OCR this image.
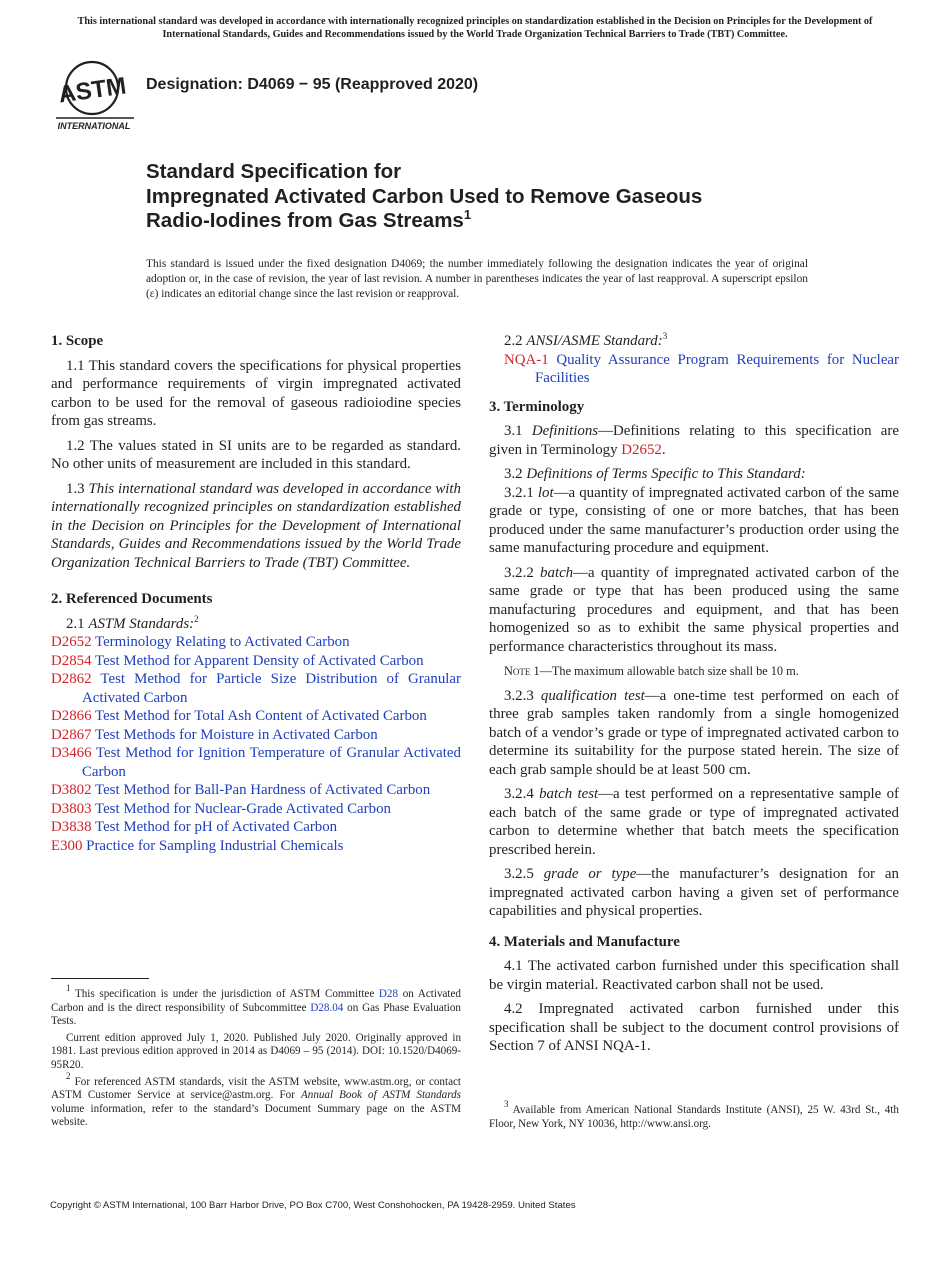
This international standard was developed in accordance with internationally recognized principles on standardization established in the Decision on Principles for the Development of International Standards, Guides and Recommendations issued by the World Trade Organization Technical Barriers to Trade (TBT) Committee.

ASTM
INTERNATIONAL

Designation: D4069 − 95 (Reapproved 2020)

Standard Specification for
Impregnated Activated Carbon Used to Remove Gaseous
Radio-Iodines from Gas Streams$^1$

This standard is issued under the fixed designation D4069; the number immediately following the designation indicates the year of original adoption or, in the case of revision, the year of last revision. A number in parentheses indicates the year of last reapproval. A superscript epsilon (ε) indicates an editorial change since the last revision or reapproval.

1. Scope

1.1 This standard covers the specifications for physical properties and performance requirements of virgin impregnated activated carbon to be used for the removal of gaseous radioiodine species from gas streams.

1.2 The values stated in SI units are to be regarded as standard. No other units of measurement are included in this standard.

1.3 This international standard was developed in accordance with internationally recognized principles on standardization established in the Decision on Principles for the Development of International Standards, Guides and Recommendations issued by the World Trade Organization Technical Barriers to Trade (TBT) Committee.

2. Referenced Documents

2.1 ASTM Standards:$^2$

D2652 Terminology Relating to Activated Carbon
D2854 Test Method for Apparent Density of Activated Carbon
D2862 Test Method for Particle Size Distribution of Granular Activated Carbon
D2866 Test Method for Total Ash Content of Activated Carbon
D2867 Test Methods for Moisture in Activated Carbon
D3466 Test Method for Ignition Temperature of Granular Activated Carbon
D3802 Test Method for Ball-Pan Hardness of Activated Carbon
D3803 Test Method for Nuclear-Grade Activated Carbon
D3838 Test Method for pH of Activated Carbon
E300 Practice for Sampling Industrial Chemicals

$^1$ This specification is under the jurisdiction of ASTM Committee D28 on Activated Carbon and is the direct responsibility of Subcommittee D28.04 on Gas Phase Evaluation Tests.

Current edition approved July 1, 2020. Published July 2020. Originally approved in 1981. Last previous edition approved in 2014 as D4069 – 95 (2014). DOI: 10.1520/D4069-95R20.

$^2$ For referenced ASTM standards, visit the ASTM website, www.astm.org, or contact ASTM Customer Service at service@astm.org. For Annual Book of ASTM Standards volume information, refer to the standard’s Document Summary page on the ASTM website.

2.2 ANSI/ASME Standard:$^3$

NQA-1 Quality Assurance Program Requirements for Nuclear Facilities
3. Terminology

3.1 Definitions—Definitions relating to this specification are given in Terminology D2652.

3.2 Definitions of Terms Specific to This Standard:

3.2.1 lot—a quantity of impregnated activated carbon of the same grade or type, consisting of one or more batches, that has been produced under the same manufacturer’s production order using the same manufacturing procedure and equipment.

3.2.2 batch—a quantity of impregnated activated carbon of the same grade or type that has been produced using the same manufacturing procedures and equipment, and that has been homogenized so as to exhibit the same physical properties and performance characteristics throughout its mass.

Note 1—The maximum allowable batch size shall be 10 m.

3.2.3 qualification test—a one-time test performed on each of three grab samples taken randomly from a single homogenized batch of a vendor’s grade or type of impregnated activated carbon to determine its suitability for the purpose stated herein. The size of each grab sample should be at least 500 cm.

3.2.4 batch test—a test performed on a representative sample of each batch of the same grade or type of impregnated activated carbon to determine whether that batch meets the specification prescribed herein.

3.2.5 grade or type—the manufacturer’s designation for an impregnated activated carbon having a given set of performance capabilities and physical properties.

4. Materials and Manufacture

4.1 The activated carbon furnished under this specification shall be virgin material. Reactivated carbon shall not be used.

4.2 Impregnated activated carbon furnished under this specification shall be subject to the document control provisions of Section 7 of ANSI NQA-1.

$^3$ Available from American National Standards Institute (ANSI), 25 W. 43rd St., 4th Floor, New York, NY 10036, http://www.ansi.org.

Copyright © ASTM International, 100 Barr Harbor Drive, PO Box C700, West Conshohocken, PA 19428-2959. United States
